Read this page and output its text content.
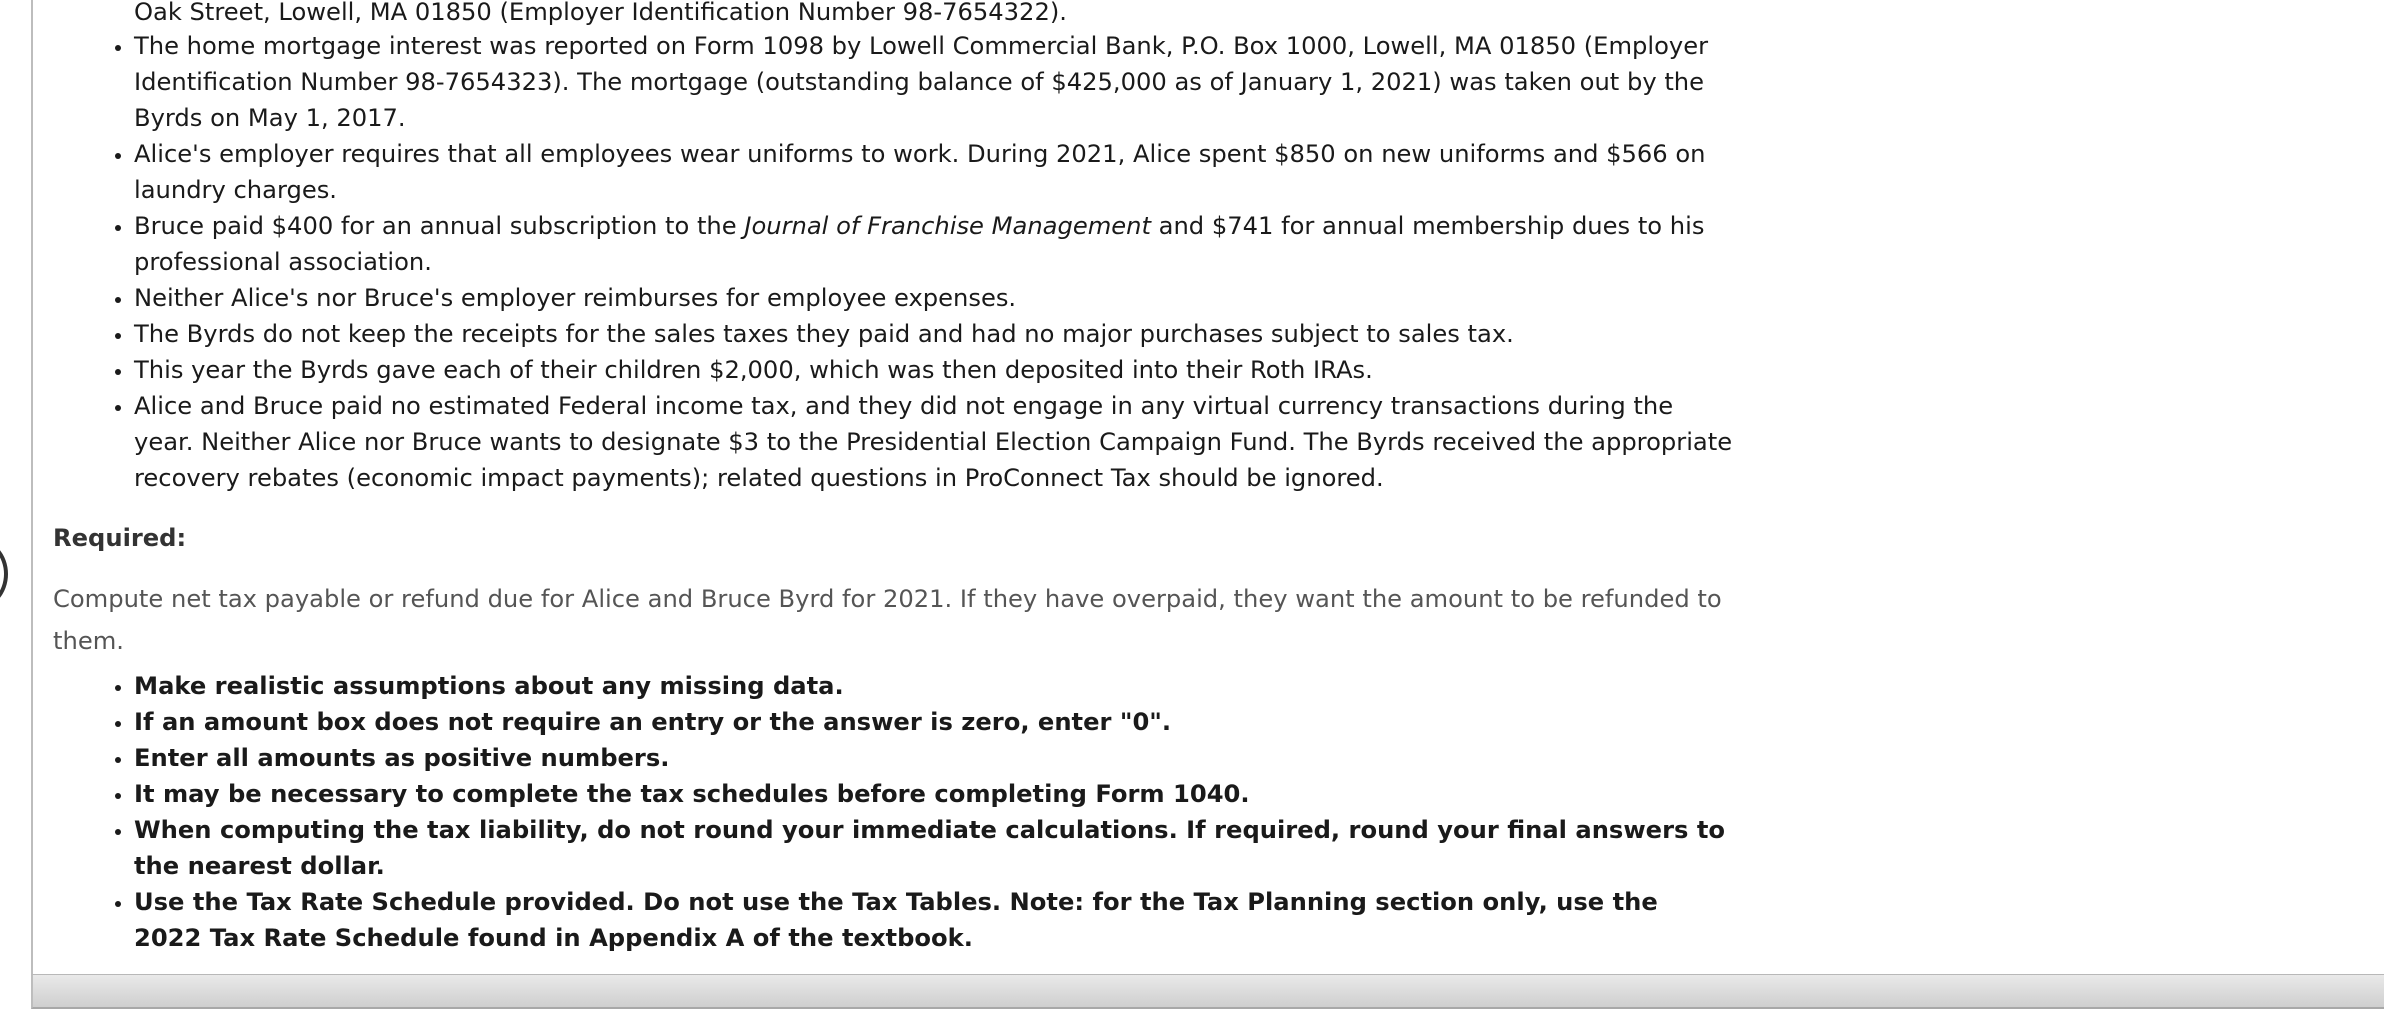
Oak Street, Lowell, MA 01850 (Employer Identification Number 98-7654322).
• The home mortgage interest was reported on Form 1098 by Lowell Commercial Bank, P.O. Box 1000, Lowell, MA 01850 (Employer Identification Number 98-7654323). The mortgage (outstanding balance of $425,000 as of January 1, 2021) was taken out by the Byrds on May 1, 2017.
• Alice's employer requires that all employees wear uniforms to work. During 2021, Alice spent $850 on new uniforms and $566 on laundry charges.
• Bruce paid $400 for an annual subscription to the Journal of Franchise Management and $741 for annual membership dues to his professional association.
• Neither Alice's nor Bruce's employer reimburses for employee expenses.
• The Byrds do not keep the receipts for the sales taxes they paid and had no major purchases subject to sales tax.
• This year the Byrds gave each of their children $2,000, which was then deposited into their Roth IRAs.
• Alice and Bruce paid no estimated Federal income tax, and they did not engage in any virtual currency transactions during the year. Neither Alice nor Bruce wants to designate $3 to the Presidential Election Campaign Fund. The Byrds received the appropriate recovery rebates (economic impact payments); related questions in ProConnect Tax should be ignored.
Required:
Compute net tax payable or refund due for Alice and Bruce Byrd for 2021. If they have overpaid, they want the amount to be refunded to them.
• Make realistic assumptions about any missing data.
• If an amount box does not require an entry or the answer is zero, enter "0".
• Enter all amounts as positive numbers.
• It may be necessary to complete the tax schedules before completing Form 1040.
• When computing the tax liability, do not round your immediate calculations. If required, round your final answers to the nearest dollar.
• Use the Tax Rate Schedule provided. Do not use the Tax Tables. Note: for the Tax Planning section only, use the 2022 Tax Rate Schedule found in Appendix A of the textbook.
